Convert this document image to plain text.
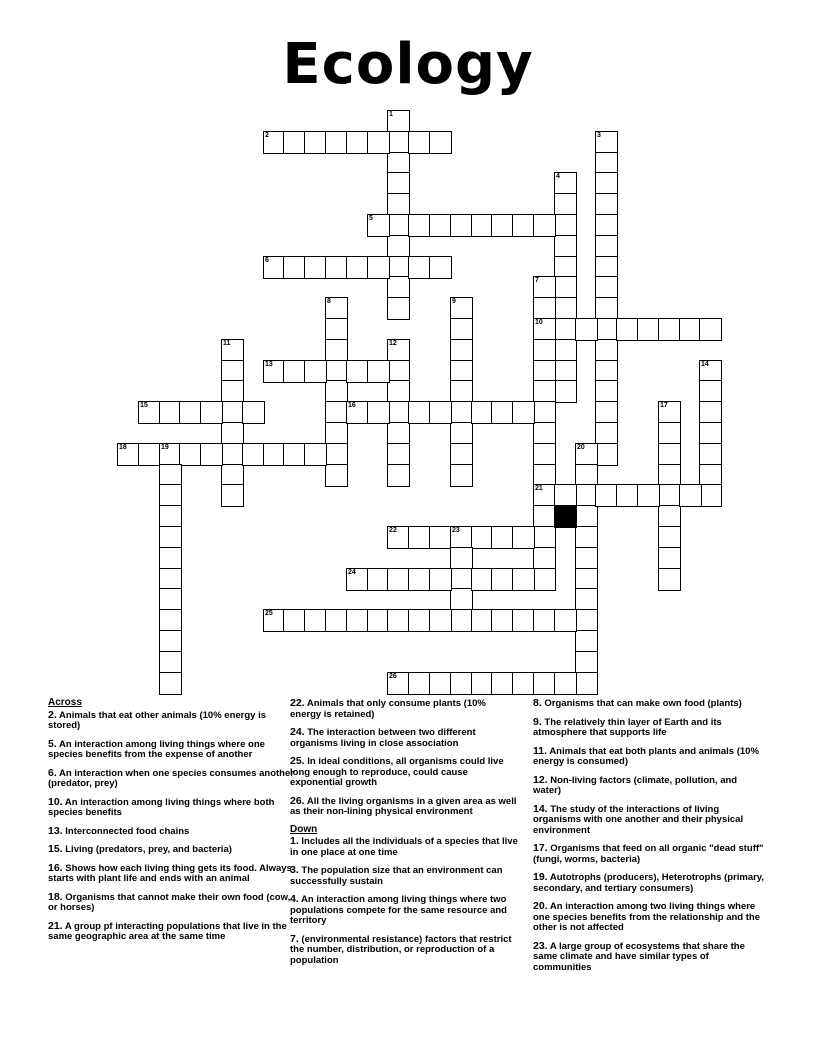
Ecology
1
2	3
4
5
6
7
10
21
8	9
11	12
13	14
15	16	17
18	19	20
22	23
24
25
26
Across
2. Animals that eat other animals (10% energy is stored)
5. An interaction among living things where one species benefits from the expense of another
6. An interaction when one species consumes another (predator, prey)
10. An interaction among living things where both species benefits
13. Interconnected food chains
15. Living (predators, prey, and bacteria)
16. Shows how each living thing gets its food. Always starts with plant life and ends with an animal
18. Organisms that cannot make their own food (cow, or horses)
21. A group pf interacting populations that live in the same geographic area at the same time
22. Animals that only consume plants (10% energy is retained)
24. The interaction between two different organisms living in close association
25. In ideal conditions, all organisms could live long enough to reproduce, could cause exponential growth
26. All the living organisms in a given area as well as their non-lining physical environment
Down
1. Includes all the individuals of a species that live in one place at one time
3. The population size that an environment can successfully sustain
4. An interaction among living things where two populations compete for the same resource and territory
7. (environmental resistance) factors that restrict the number, distribution, or reproduction of a population
8. Organisms that can make own food (plants)
9. The relatively thin layer of Earth and its atmosphere that supports life
11. Animals that eat both plants and animals (10% energy is consumed)
12. Non-living factors (climate, pollution, and water)
14. The study of the interactions of living organisms with one another and their physical environment
17. Organisms that feed on all organic "dead stuff" (fungi, worms, bacteria)
19. Autotrophs (producers), Heterotrophs (primary, secondary, and tertiary consumers)
20. An interaction among two living things where one species benefits from the relationship and the other is not affected
23. A large group of ecosystems that share the same climate and have similar types of communities
